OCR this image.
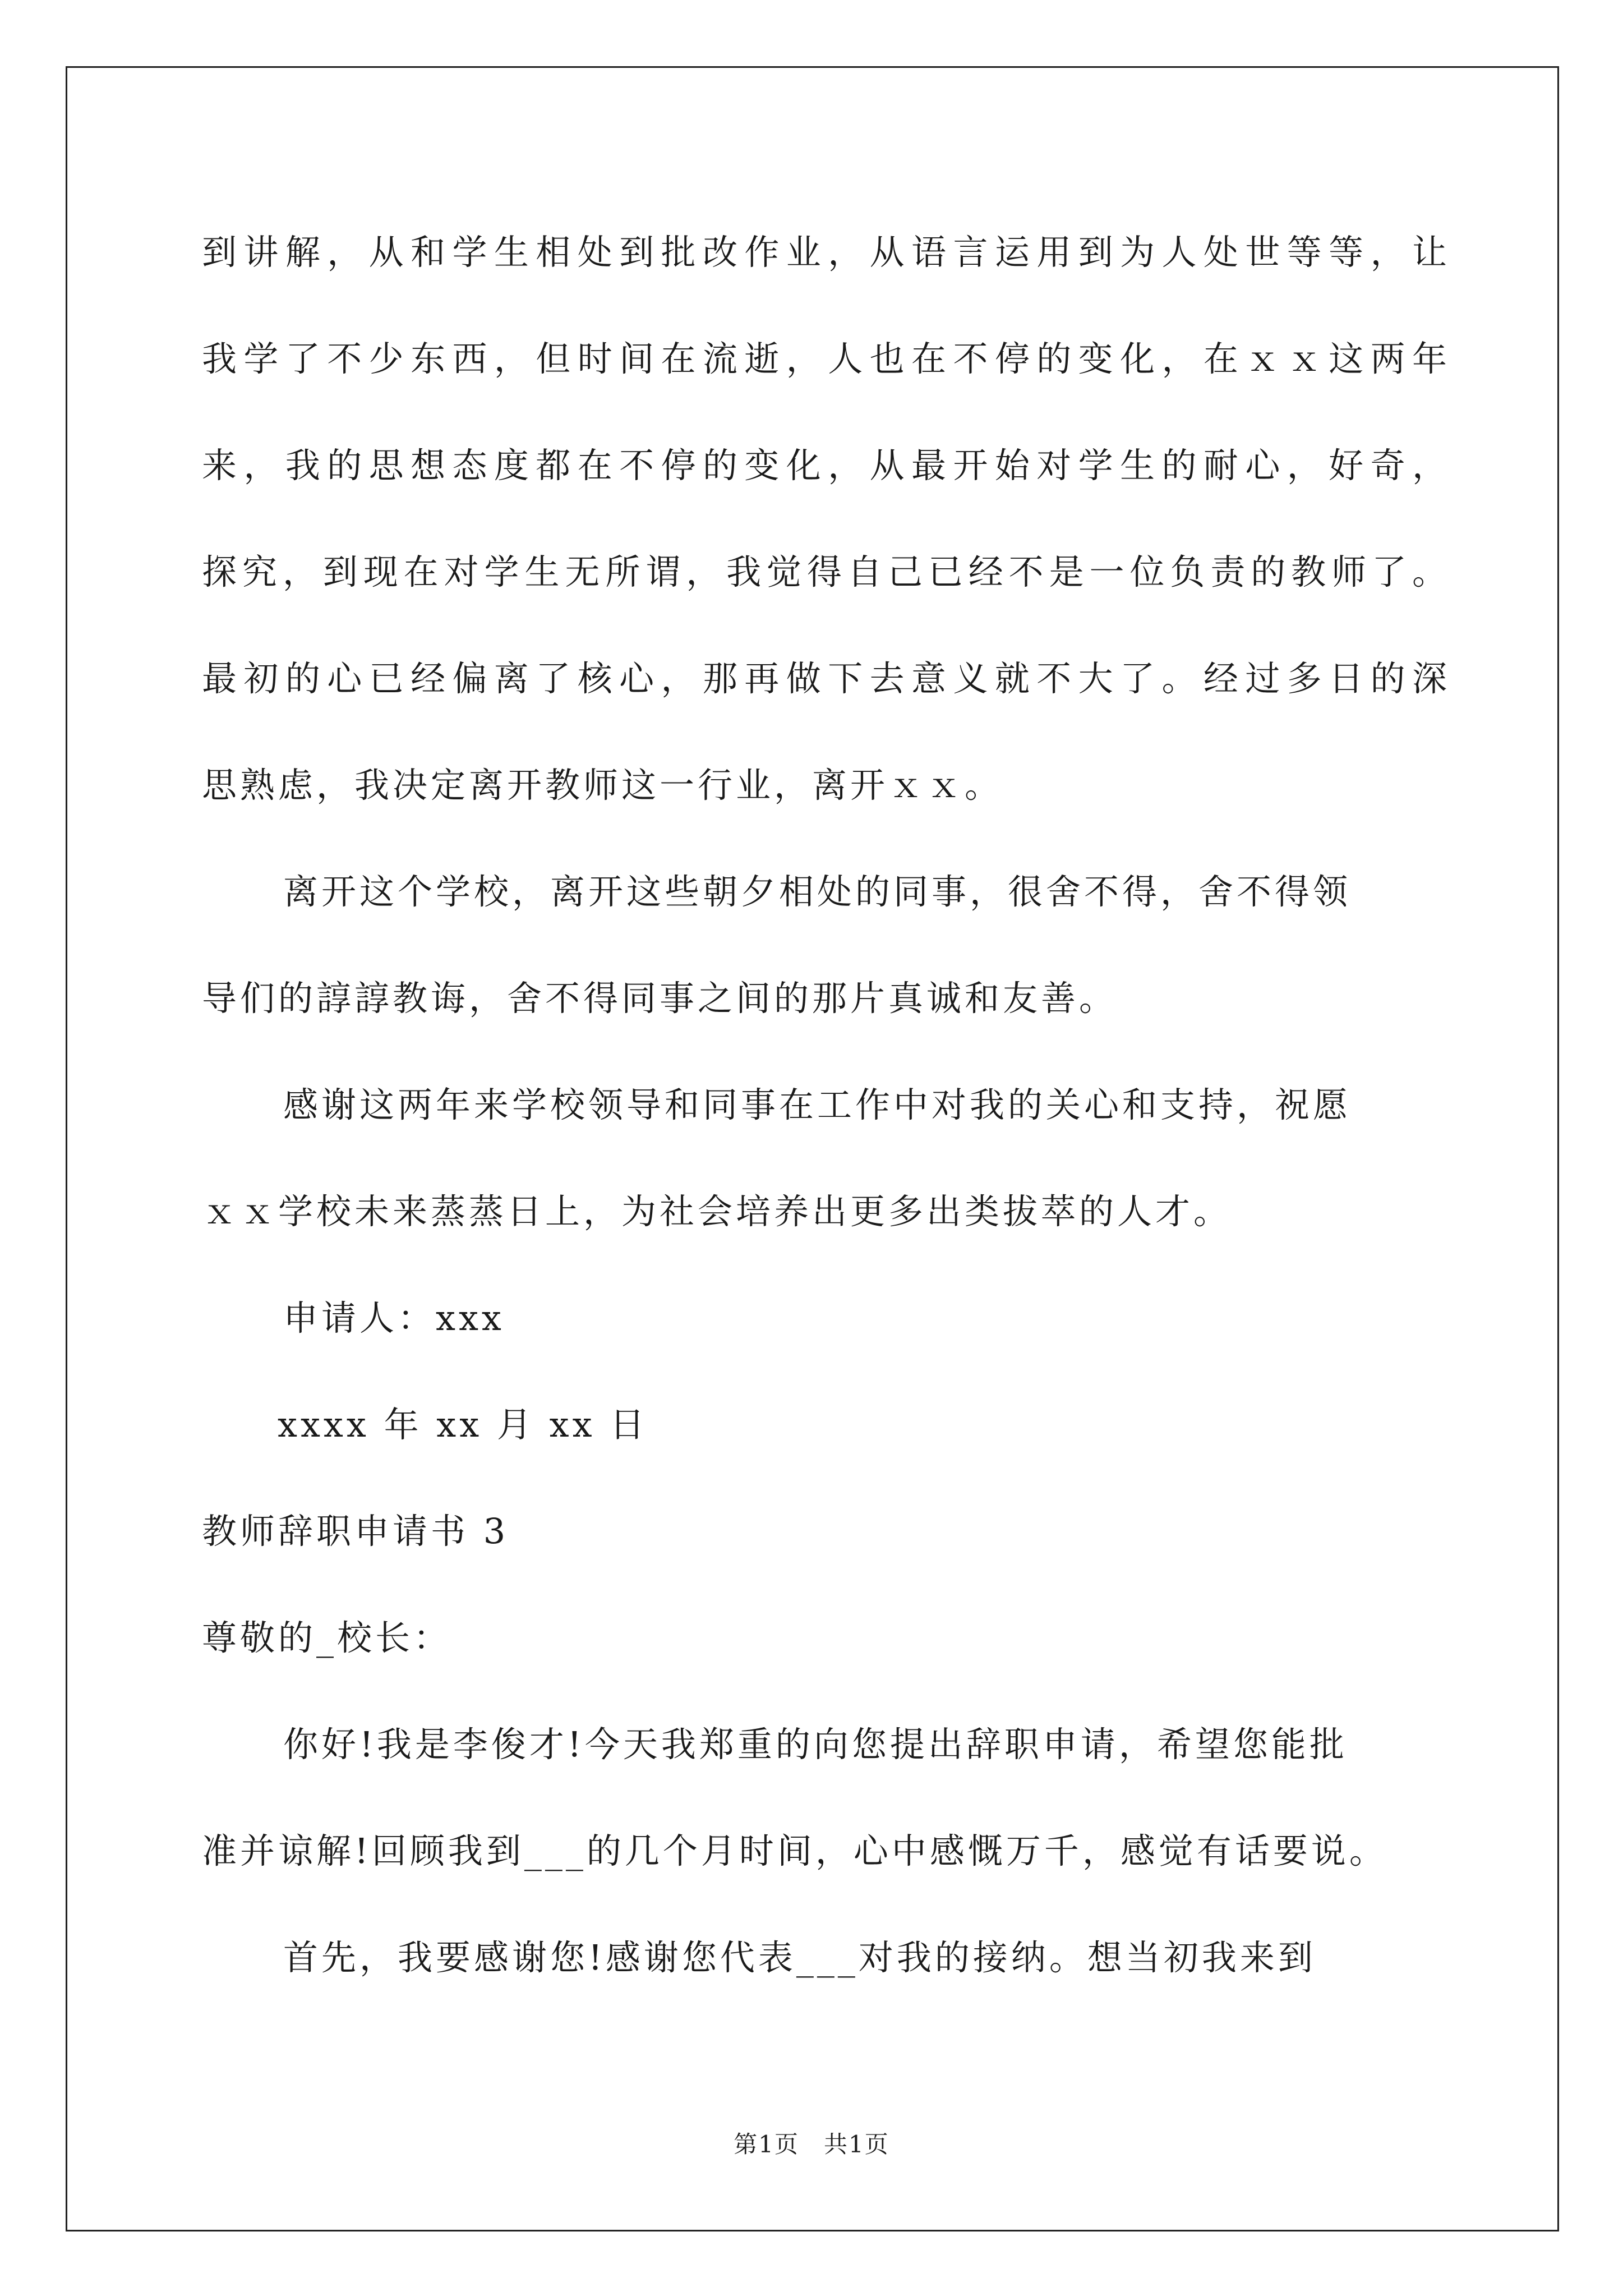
到讲解，从和学生相处到批改作业，从语言运用到为人处世等等，让
我学了不少东西，但时间在流逝，人也在不停的变化，在ｘｘ这两年
来，我的思想态度都在不停的变化，从最开始对学生的耐心，好奇，
探究，到现在对学生无所谓，我觉得自己已经不是一位负责的教师了。
最初的心已经偏离了核心，那再做下去意义就不大了。经过多日的深
思熟虑，我决定离开教师这一行业，离开ｘｘ。
离开这个学校，离开这些朝夕相处的同事，很舍不得，舍不得领
导们的諄諄教诲，舍不得同事之间的那片真诚和友善。
感谢这两年来学校领导和同事在工作中对我的关心和支持，祝愿
ｘｘ学校未来蒸蒸日上，为社会培养出更多出类拔萃的人才。
申请人：xxx
xxxx 年 xx 月 xx 日
教师辞职申请书 3
尊敬的_校长：
你好!我是李俊才!今天我郑重的向您提出辞职申请，希望您能批
准并谅解!回顾我到___的几个月时间，心中感慨万千，感觉有话要说。
首先，我要感谢您!感谢您代表___对我的接纳。想当初我来到
第1页　共1页
